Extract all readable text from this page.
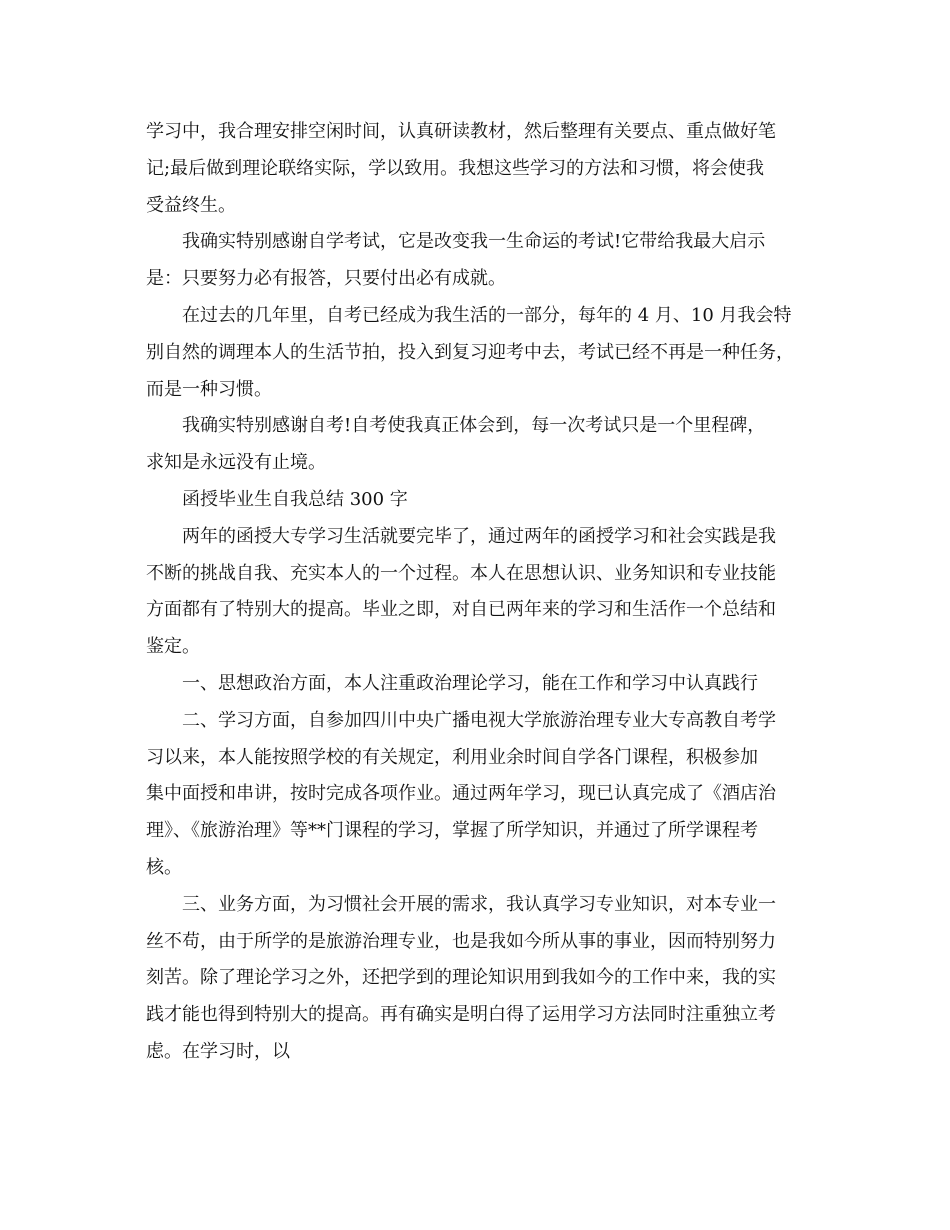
学习中，我合理安排空闲时间，认真研读教材，然后整理有关要点、重点做好笔
记;最后做到理论联络实际，学以致用。我想这些学习的方法和习惯，将会使我
受益终生。

我确实特别感谢自学考试，它是改变我一生命运的考试!它带给我最大启示
是：只要努力必有报答，只要付出必有成就。

在过去的几年里，自考已经成为我生活的一部分，每年的 4 月、10 月我会特
别自然的调理本人的生活节拍，投入到复习迎考中去，考试已经不再是一种任务，
而是一种习惯。

我确实特别感谢自考!自考使我真正体会到，每一次考试只是一个里程碑，
求知是永远没有止境。

函授毕业生自我总结 300 字

两年的函授大专学习生活就要完毕了，通过两年的函授学习和社会实践是我
不断的挑战自我、充实本人的一个过程。本人在思想认识、业务知识和专业技能
方面都有了特别大的提高。毕业之即，对自已两年来的学习和生活作一个总结和
鉴定。

一、思想政治方面，本人注重政治理论学习，能在工作和学习中认真践行

二、学习方面，自参加四川中央广播电视大学旅游治理专业大专高教自考学
习以来，本人能按照学校的有关规定，利用业余时间自学各门课程，积极参加
集中面授和串讲，按时完成各项作业。通过两年学习，现已认真完成了《酒店治
理》、《旅游治理》等**门课程的学习，掌握了所学知识，并通过了所学课程考
核。

三、业务方面，为习惯社会开展的需求，我认真学习专业知识，对本专业一
丝不苟，由于所学的是旅游治理专业，也是我如今所从事的事业，因而特别努力
刻苦。除了理论学习之外，还把学到的理论知识用到我如今的工作中来，我的实
践才能也得到特别大的提高。再有确实是明白得了运用学习方法同时注重独立考
虑。在学习时，以
